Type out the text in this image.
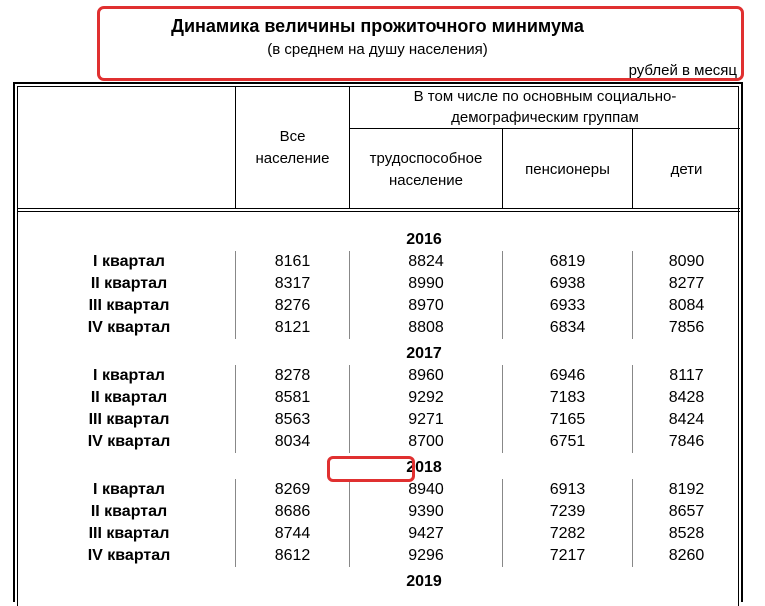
Динамика величины прожиточного минимума
(в среднем на душу населения)
рублей в месяц
Все
население
В том числе по основным социально-
демографическим группам
трудоспособное
население
пенсионеры	дети
2016
I квартал	8161	8824	6819	8090
II квартал	8317	8990	6938	8277
III квартал	8276	8970	6933	8084
IV квартал	8121	8808	6834	7856
2017
I квартал	8278	8960	6946	8117
II квартал	8581	9292	7183	8428
III квартал	8563	9271	7165	8424
IV квартал	8034	8700	6751	7846
2018
I квартал	8269	8940	6913	8192
II квартал	8686	9390	7239	8657
III квартал	8744	9427	7282	8528
IV квартал	8612	9296	7217	8260
2019
